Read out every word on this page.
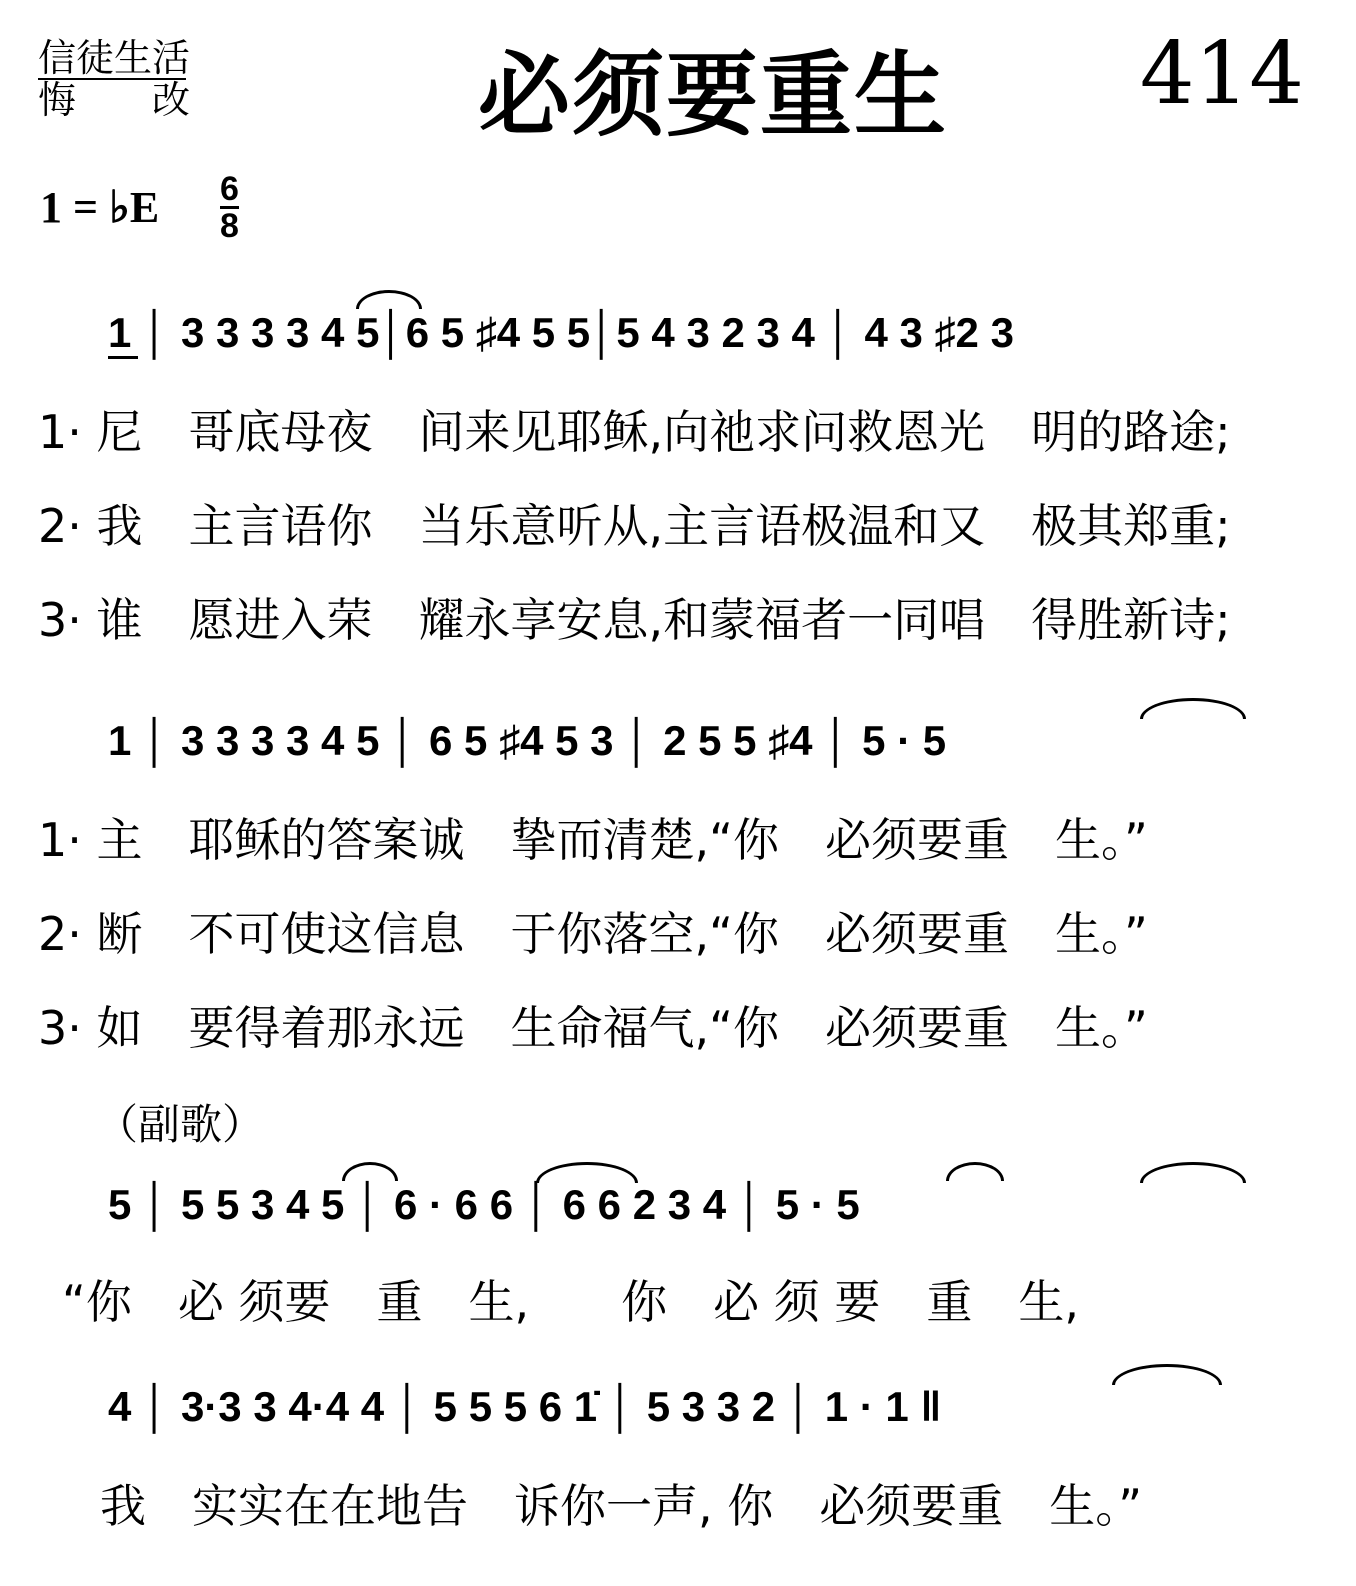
信徒生活
悔　　改	必须要重生 414
1 = ♭E 6
8
1 │ 3 3 3 3 4 5│6 5 ♯4 5 5│5 4 3 2 3 4 │ 4 3 ♯2 3
1· 尼　哥底母夜　间来见耶稣,向祂求问救恩光　明的路途;
2· 我　主言语你　当乐意听从,主言语极温和又　极其郑重;
3· 谁　愿进入荣　耀永享安息,和蒙福者一同唱　得胜新诗;
1 │ 3 3 3 3 4 5 │ 6 5 ♯4 5 3 │ 2 5 5 ♯4 │ 5 · 5
1· 主　耶稣的答案诚　挚而清楚,“你　必须要重　生。”
2· 断　不可使这信息　于你落空,“你　必须要重　生。”
3· 如　要得着那永远　生命福气,“你　必须要重　生。”
（副歌）
5 │ 5 5 3 4 5 │ 6 · 6 6 │ 6 6 2 3 4 │ 5 · 5
“你　必 须要　重　生,　　你　必 须 要　重　生,
4 │ 3·3 3 4·4 4 │ 5 5 5 6 1̇ │ 5 3 3 2 │ 1 · 1 ‖
我　实实在在地告　诉你一声, 你　必须要重　生。”
